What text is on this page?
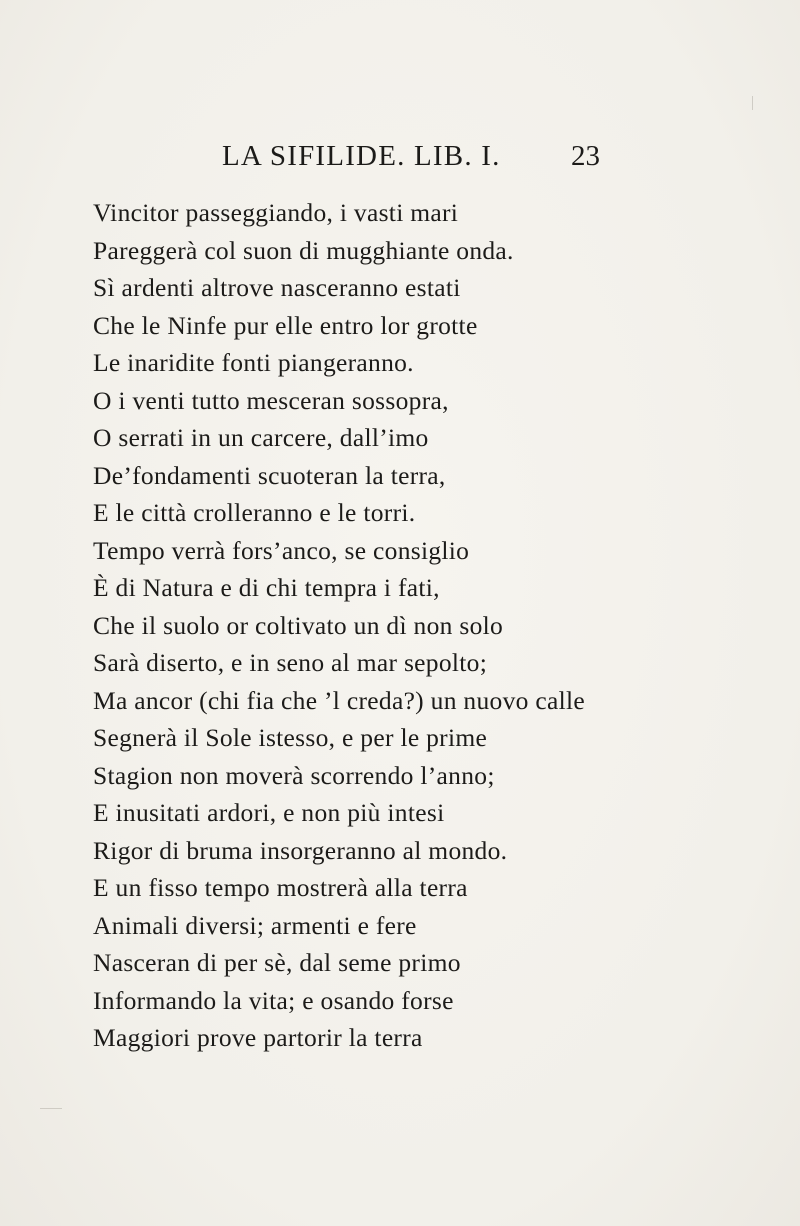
LA SIFILIDE. LIB. I. 23
Vincitor passeggiando, i vasti mari
Pareggerà col suon di mugghiante onda.
Sì ardenti altrove nasceranno estati
Che le Ninfe pur elle entro lor grotte
Le inaridite fonti piangeranno.
O i venti tutto mesceran sossopra,
O serrati in un carcere, dall’imo
De’fondamenti scuoteran la terra,
E le città crolleranno e le torri.
Tempo verrà fors’anco, se consiglio
È di Natura e di chi tempra i fati,
Che il suolo or coltivato un dì non solo
Sarà diserto, e in seno al mar sepolto;
Ma ancor (chi fia che ’l creda?) un nuovo calle
Segnerà il Sole istesso, e per le prime
Stagion non moverà scorrendo l’anno;
E inusitati ardori, e non più intesi
Rigor di bruma insorgeranno al mondo.
E un fisso tempo mostrerà alla terra
Animali diversi; armenti e fere
Nasceran di per sè, dal seme primo
Informando la vita; e osando forse
Maggiori prove partorir la terra
